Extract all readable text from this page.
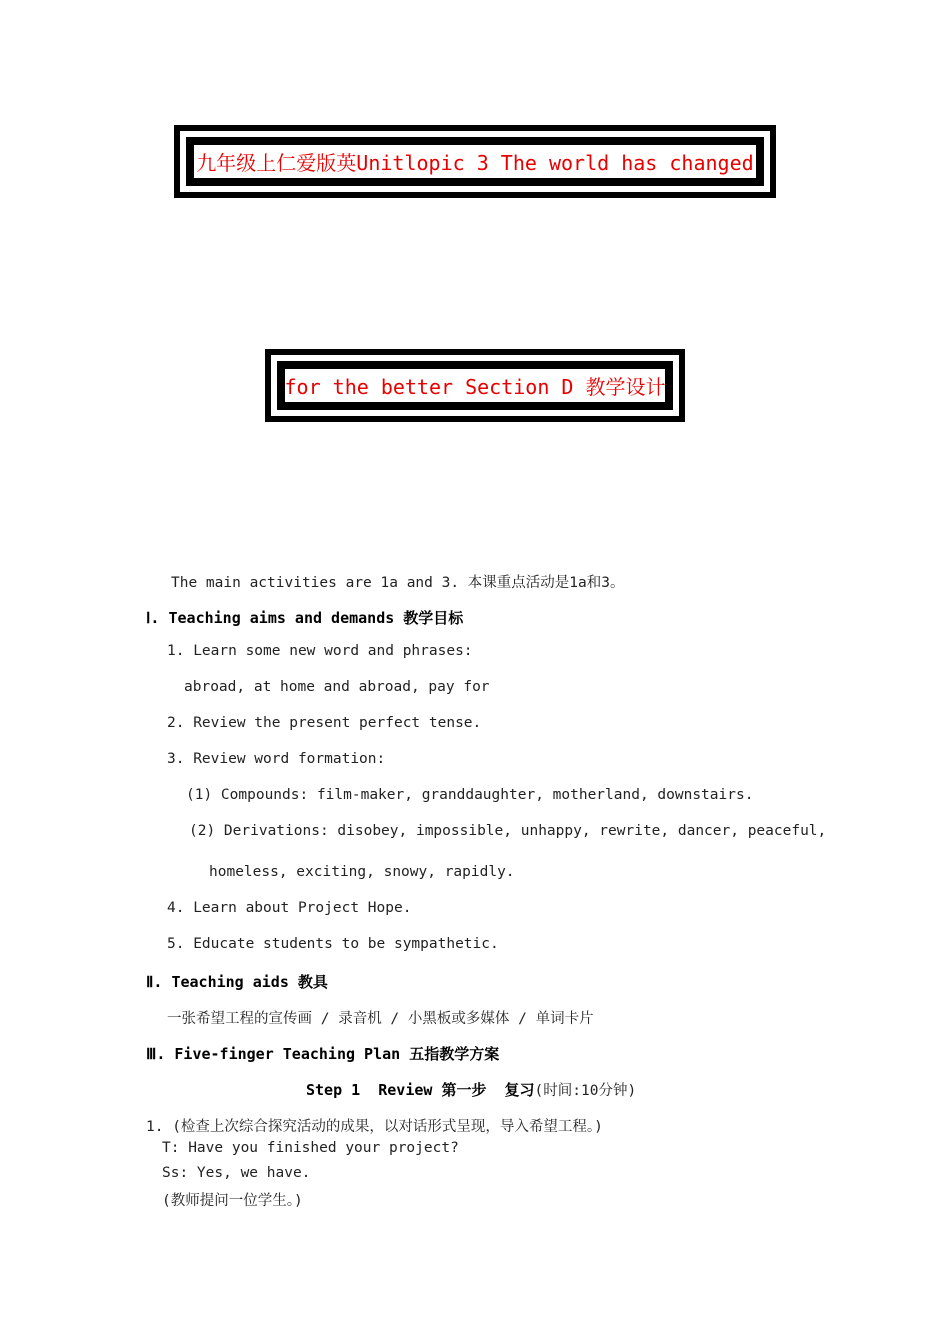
九年级上仁爱版英Unitlopic 3 The world has changed
for the better Section D 教学设计
The main activities are 1a and 3. 本课重点活动是1a和3。
Ⅰ. Teaching aims and demands 教学目标
1. Learn some new word and phrases:
abroad, at home and abroad, pay for
2. Review the present perfect tense.
3. Review word formation:
(1) Compounds: film-maker, granddaughter, motherland, downstairs.
(2) Derivations: disobey, impossible, unhappy, rewrite, dancer, peaceful,
homeless, exciting, snowy, rapidly.
4. Learn about Project Hope.
5. Educate students to be sympathetic.
Ⅱ. Teaching aids 教具
一张希望工程的宣传画 / 录音机 / 小黑板或多媒体 / 单词卡片
Ⅲ. Five-finger Teaching Plan 五指教学方案
Step 1  Review 第一步  复习(时间:10分钟)
1. (检查上次综合探究活动的成果，以对话形式呈现，导入希望工程。)
T: Have you finished your project?
Ss: Yes, we have.
(教师提问一位学生。)
